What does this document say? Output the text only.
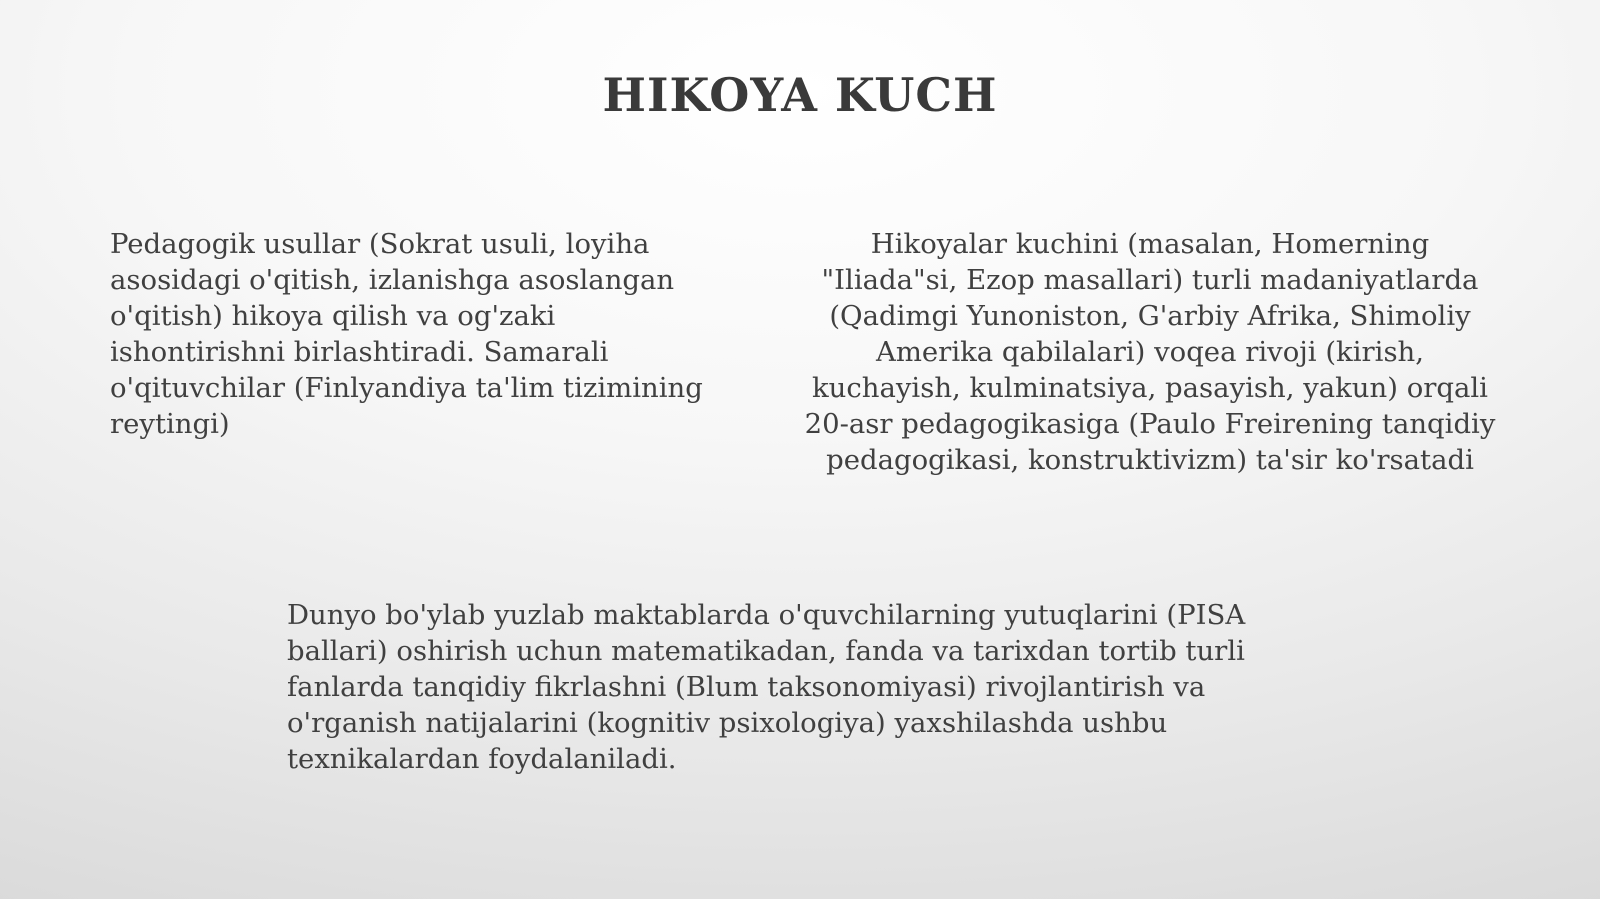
HIKOYA KUCH

Pedagogik usullar (Sokrat usuli, loyiha
asosidagi o'qitish, izlanishga asoslangan
o'qitish) hikoya qilish va og'zaki
ishontirishni birlashtiradi. Samarali
o'qituvchilar (Finlyandiya ta'lim tizimining
reytingi)

Hikoyalar kuchini (masalan, Homerning
"Iliada"si, Ezop masallari) turli madaniyatlarda
(Qadimgi Yunoniston, G'arbiy Afrika, Shimoliy
Amerika qabilalari) voqea rivoji (kirish,
kuchayish, kulminatsiya, pasayish, yakun) orqali
20-asr pedagogikasiga (Paulo Freirening tanqidiy
pedagogikasi, konstruktivizm) ta'sir ko'rsatadi

Dunyo bo'ylab yuzlab maktablarda o'quvchilarning yutuqlarini (PISA
ballari) oshirish uchun matematikadan, fanda va tarixdan tortib turli
fanlarda tanqidiy fikrlashni (Blum taksonomiyasi) rivojlantirish va
o'rganish natijalarini (kognitiv psixologiya) yaxshilashda ushbu
texnikalardan foydalaniladi.
